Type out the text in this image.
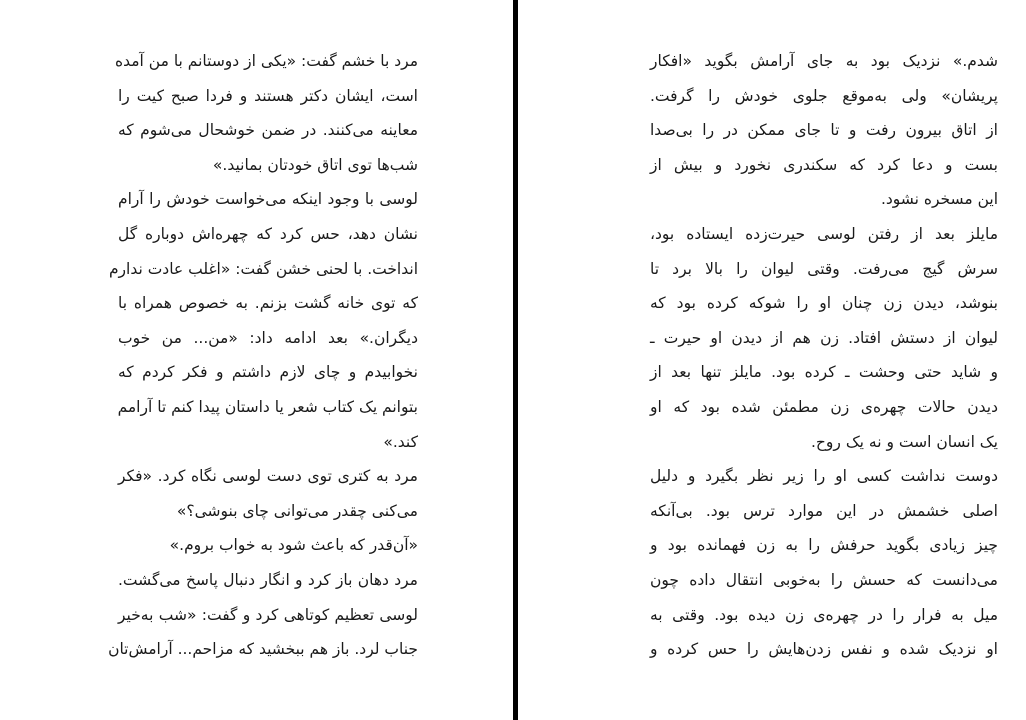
مرد با خشم گفت: «یکی از دوستانم با من آمده
است، ایشان دکتر هستند و فردا صبح کیت را
معاینه می‌کنند. در ضمن خوشحال می‌شوم که
شب‌ها توی اتاق خودتان بمانید.»
لوسی با وجود اینکه می‌خواست خودش را آرام
نشان دهد، حس کرد که چهره‌اش دوباره گل
انداخت. با لحنی خشن گفت: «اغلب عادت ندارم
که توی خانه گشت بزنم. به خصوص همراه با
دیگران.» بعد ادامه داد: «من... من خوب
نخوابیدم و چای لازم داشتم و فکر کردم که
بتوانم یک کتاب شعر یا داستان پیدا کنم تا آرامم
کند.»
مرد به کتری توی دست لوسی نگاه کرد. «فکر
می‌کنی چقدر می‌توانی چای بنوشی؟»
«آن‌قدر که باعث شود به خواب بروم.»
مرد دهان باز کرد و انگار دنبال پاسخ می‌گشت.
لوسی تعظیم کوتاهی کرد و گفت: «شب به‌خیر
جناب لرد. باز هم ببخشید که مزاحم... آرامش‌تان
شدم.» نزدیک بود به جای آرامش بگوید «افکار
پریشان» ولی به‌موقع جلوی خودش را گرفت.
از اتاق بیرون رفت و تا جای ممکن در را بی‌صدا
بست و دعا کرد که سکندری نخورد و بیش از
این مسخره نشود.
مایلز بعد از رفتن لوسی حیرت‌زده ایستاده بود،
سرش گیج می‌رفت. وقتی لیوان را بالا برد تا
بنوشد، دیدن زن چنان او را شوکه کرده بود که
لیوان از دستش افتاد. زن هم از دیدن او حیرت ـ
و شاید حتی وحشت ـ کرده بود. مایلز تنها بعد از
دیدن حالات چهره‌ی زن مطمئن شده بود که او
یک انسان است و نه یک روح.
دوست نداشت کسی او را زیر نظر بگیرد و دلیل
اصلی خشمش در این موارد ترس بود. بی‌آنکه
چیز زیادی بگوید حرفش را به زن فهمانده بود و
می‌دانست که حسش را به‌خوبی انتقال داده چون
میل به فرار را در چهره‌ی زن دیده بود. وقتی به
او نزدیک شده و نفس زدن‌هایش را حس کرده و
